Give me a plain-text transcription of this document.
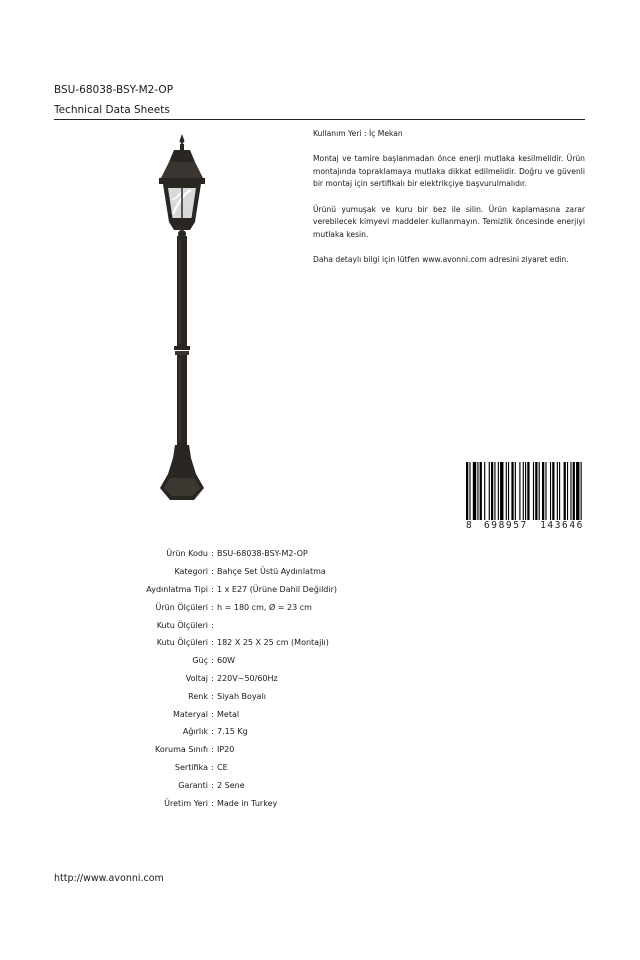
BSU-68038-BSY-M2-OP
Technical Data Sheets

Kullanım Yeri : İç Mekan

Montaj ve tamire başlanmadan önce enerji mutlaka kesilmelidir. Ürün montajında topraklamaya mutlaka dikkat edilmelidir. Doğru ve güvenli bir montaj için sertifikalı bir elektrikçiye başvurulmalıdır.

Ürünü yumuşak ve kuru bir bez ile silin. Ürün kaplamasına zarar verebilecek kimyevi maddeler kullanmayın. Temizlik öncesinde enerjiyi mutlaka kesin.

Daha detaylı bilgi için lütfen www.avonni.com adresini ziyaret edin.

8 698957 143646
Ürün Kodu : BSU-68038-BSY-M2-OP
Kategori : Bahçe Set Üstü Aydınlatma
Aydınlatma Tipi : 1 x E27 (Ürüne Dahil Değildir)
Ürün Ölçüleri : h = 180 cm, Ø = 23 cm
Kutu Ölçüleri :
Kutu Ölçüleri : 182 X 25 X 25 cm (Montajlı)
Güç : 60W
Voltaj : 220V~50/60Hz
Renk : Siyah Boyalı
Materyal : Metal
Ağırlık : 7.15 Kg
Koruma Sınıfı : IP20
Sertifika : CE
Garanti : 2 Sene
Üretim Yeri : Made in Turkey
http://www.avonni.com
